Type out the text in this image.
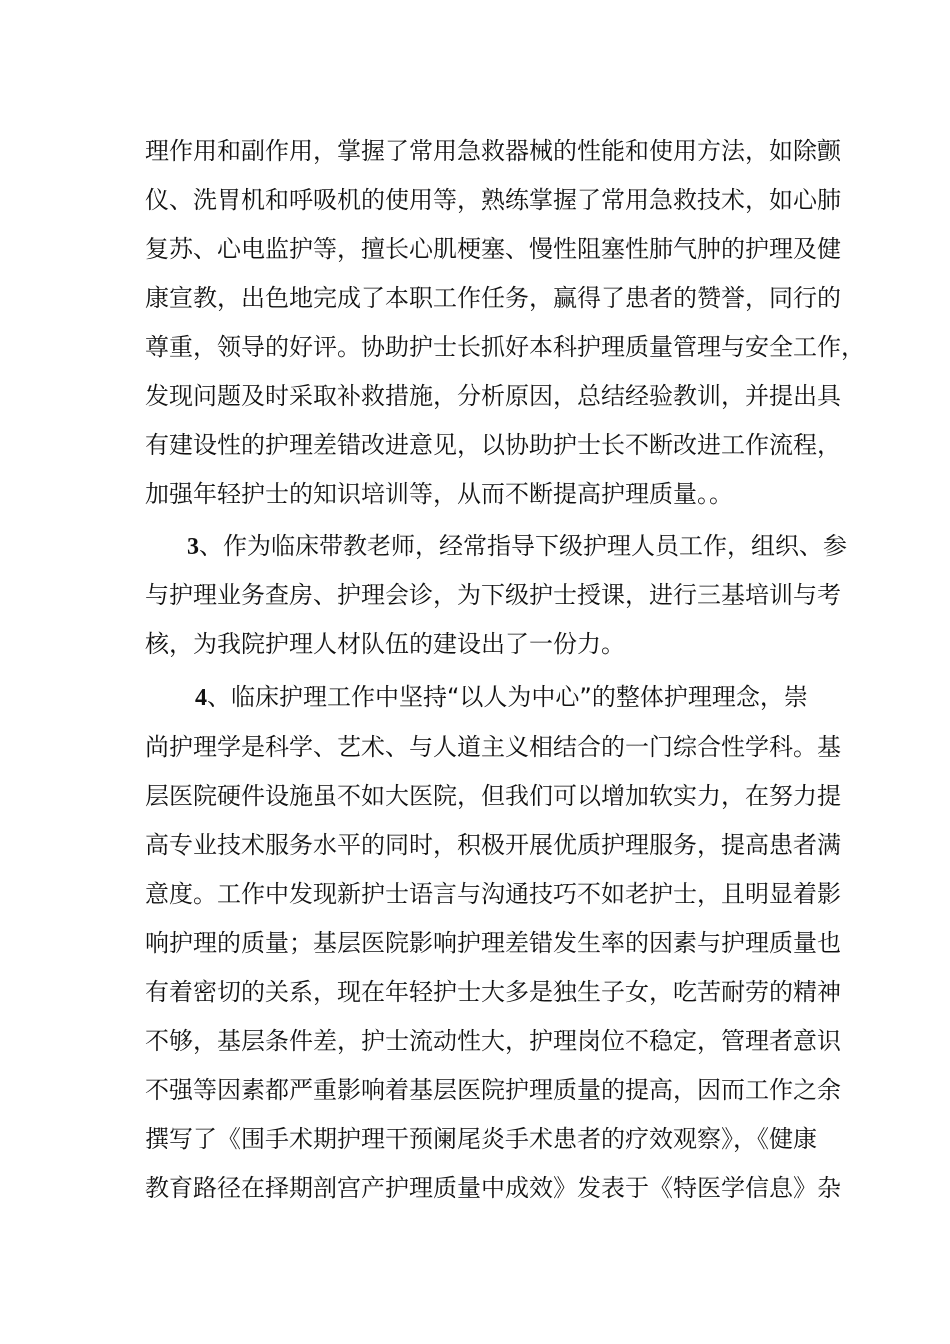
理作用和副作用，掌握了常用急救器械的性能和使用方法，如除颤
仪、洗胃机和呼吸机的使用等，熟练掌握了常用急救技术，如心肺
复苏、心电监护等，擅长心肌梗塞、慢性阻塞性肺气肿的护理及健
康宣教，出色地完成了本职工作任务，赢得了患者的赞誉，同行的
尊重，领导的好评。协助护士长抓好本科护理质量管理与安全工作，
发现问题及时采取补救措施，分析原因，总结经验教训，并提出具
有建设性的护理差错改进意见，以协助护士长不断改进工作流程，
加强年轻护士的知识培训等，从而不断提高护理质量。。
3、作为临床带教老师，经常指导下级护理人员工作，组织、参
与护理业务查房、护理会诊，为下级护士授课，进行三基培训与考
核，为我院护理人材队伍的建设出了一份力。
4、临床护理工作中坚持“以人为中心”的整体护理理念，崇
尚护理学是科学、艺术、与人道主义相结合的一门综合性学科。基
层医院硬件设施虽不如大医院，但我们可以增加软实力，在努力提
高专业技术服务水平的同时，积极开展优质护理服务，提高患者满
意度。工作中发现新护士语言与沟通技巧不如老护士，且明显着影
响护理的质量；基层医院影响护理差错发生率的因素与护理质量也
有着密切的关系，现在年轻护士大多是独生子女，吃苦耐劳的精神
不够，基层条件差，护士流动性大，护理岗位不稳定，管理者意识
不强等因素都严重影响着基层医院护理质量的提高，因而工作之余
撰写了《围手术期护理干预阑尾炎手术患者的疗效观察》，《健康
教育路径在择期剖宫产护理质量中成效》发表于《特医学信息》杂
